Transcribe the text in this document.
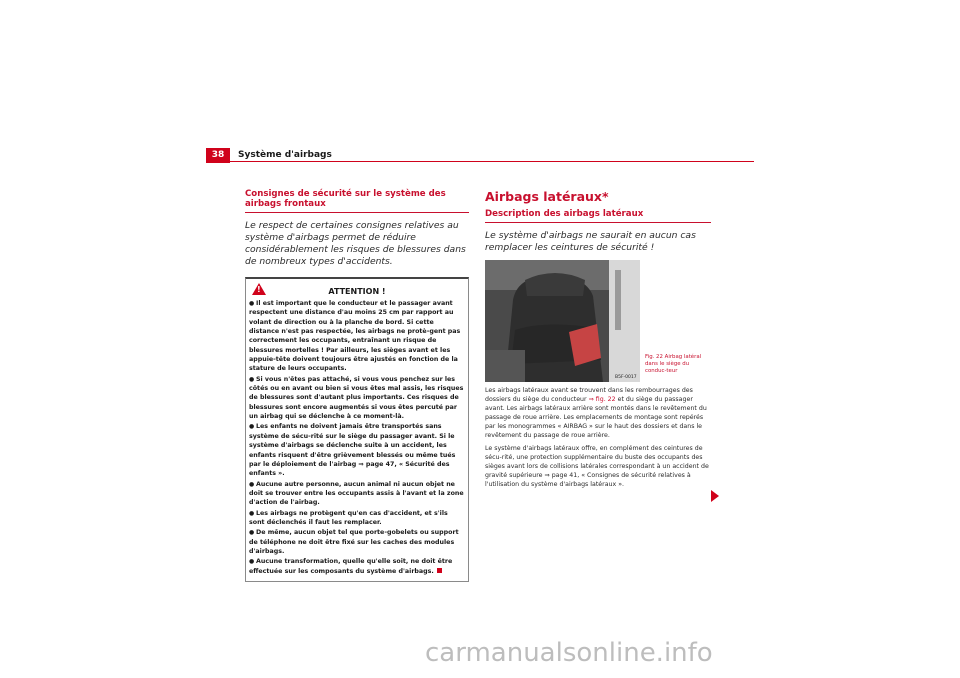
38	Système d'airbags
Consignes de sécurité sur le système des airbags frontaux

Le respect de certaines consignes relatives au système d'airbags permet de réduire considérablement les risques de blessures dans de nombreux types d'accidents.

!
ATTENTION !
● Il est important que le conducteur et le passager avant respectent une distance d'au moins 25 cm par rapport au volant de direction ou à la planche de bord. Si cette distance n'est pas respectée, les airbags ne protè-gent pas correctement les occupants, entraînant un risque de blessures mortelles ! Par ailleurs, les sièges avant et les appuie-tête doivent toujours être ajustés en fonction de la stature de leurs occupants.
● Si vous n'êtes pas attaché, si vous vous penchez sur les côtés ou en avant ou bien si vous êtes mal assis, les risques de blessures sont d'autant plus importants. Ces risques de blessures sont encore augmentés si vous êtes percuté par un airbag qui se déclenche à ce moment-là.
● Les enfants ne doivent jamais être transportés sans système de sécu-rité sur le siège du passager avant. Si le système d'airbags se déclenche suite à un accident, les enfants risquent d'être grièvement blessés ou même tués par le déploiement de l'airbag ⇒ page 47, « Sécurité des enfants ».
● Aucune autre personne, aucun animal ni aucun objet ne doit se trouver entre les occupants assis à l'avant et la zone d'action de l'airbag.
● Les airbags ne protègent qu'en cas d'accident, et s'ils sont déclenchés il faut les remplacer.
● De même, aucun objet tel que porte-gobelets ou support de téléphone ne doit être fixé sur les caches des modules d'airbags.
● Aucune transformation, quelle qu'elle soit, ne doit être effectuée sur les composants du système d'airbags.
Airbags latéraux*
Description des airbags latéraux

Le système d'airbags ne saurait en aucun cas remplacer les ceintures de sécurité !

B5F-0017
Fig. 22 Airbag latéral dans le siège du conduc-teur

Les airbags latéraux avant se trouvent dans les rembourrages des dossiers du siège du conducteur ⇒ fig. 22 et du siège du passager avant. Les airbags latéraux arrière sont montés dans le revêtement du passage de roue arrière. Les emplacements de montage sont repérés par les monogrammes « AIRBAG » sur le haut des dossiers et dans le revêtement du passage de roue arrière.

Le système d'airbags latéraux offre, en complément des ceintures de sécu-rité, une protection supplémentaire du buste des occupants des sièges avant lors de collisions latérales correspondant à un accident de gravité supérieure ⇒ page 41, « Consignes de sécurité relatives à l'utilisation du système d'airbags latéraux ».

carmanualsonline.info
